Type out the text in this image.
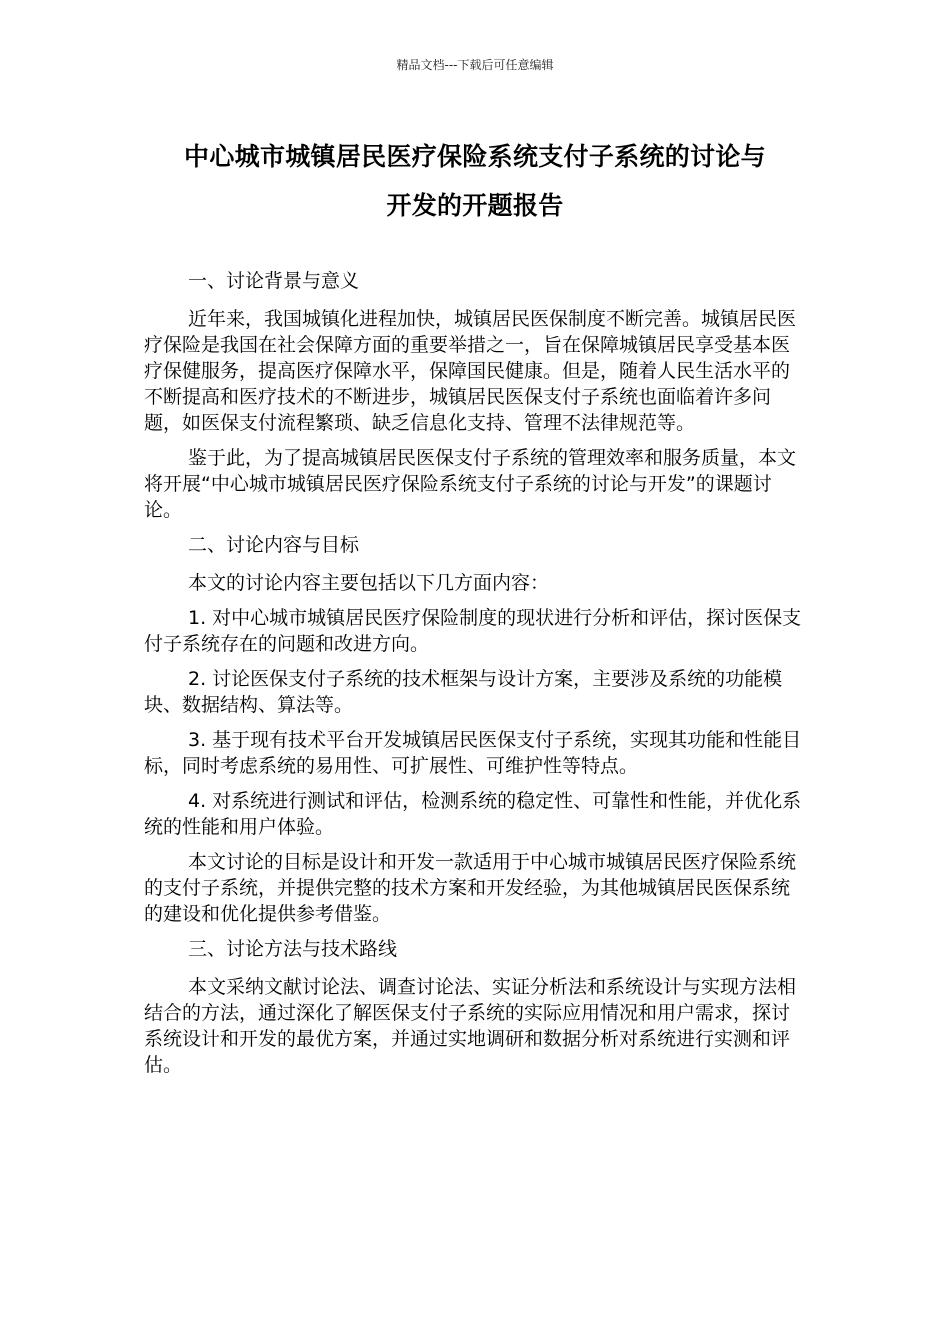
精品文档---下载后可任意编辑
中心城市城镇居民医疗保险系统支付子系统的讨论与
开发的开题报告

一、讨论背景与意义

近年来，我国城镇化进程加快，城镇居民医保制度不断完善。城镇居民医疗保险是我国在社会保障方面的重要举措之一，旨在保障城镇居民享受基本医疗保健服务，提高医疗保障水平，保障国民健康。但是，随着人民生活水平的不断提高和医疗技术的不断进步，城镇居民医保支付子系统也面临着许多问题，如医保支付流程繁琐、缺乏信息化支持、管理不法律规范等。

鉴于此，为了提高城镇居民医保支付子系统的管理效率和服务质量，本文将开展“中心城市城镇居民医疗保险系统支付子系统的讨论与开发”的课题讨论。

二、讨论内容与目标

本文的讨论内容主要包括以下几方面内容：

1. 对中心城市城镇居民医疗保险制度的现状进行分析和评估，探讨医保支付子系统存在的问题和改进方向。

2. 讨论医保支付子系统的技术框架与设计方案，主要涉及系统的功能模块、数据结构、算法等。

3. 基于现有技术平台开发城镇居民医保支付子系统，实现其功能和性能目标，同时考虑系统的易用性、可扩展性、可维护性等特点。

4. 对系统进行测试和评估，检测系统的稳定性、可靠性和性能，并优化系统的性能和用户体验。

本文讨论的目标是设计和开发一款适用于中心城市城镇居民医疗保险系统的支付子系统，并提供完整的技术方案和开发经验，为其他城镇居民医保系统的建设和优化提供参考借鉴。

三、讨论方法与技术路线

本文采纳文献讨论法、调查讨论法、实证分析法和系统设计与实现方法相结合的方法，通过深化了解医保支付子系统的实际应用情况和用户需求，探讨系统设计和开发的最优方案，并通过实地调研和数据分析对系统进行实测和评估。
